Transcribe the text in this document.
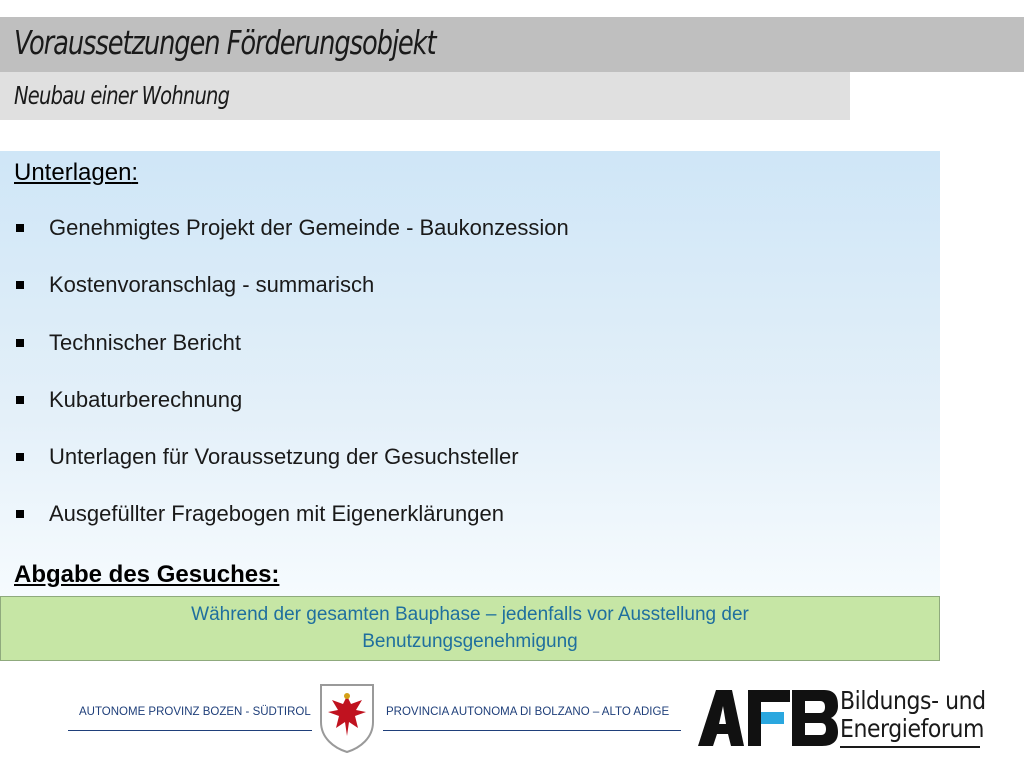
Voraussetzungen Förderungsobjekt
Neubau einer Wohnung
Unterlagen:
Genehmigtes Projekt der Gemeinde - Baukonzession
Kostenvoranschlag - summarisch
Technischer Bericht
Kubaturberechnung
Unterlagen für Voraussetzung der Gesuchsteller
Ausgefüllter Fragebogen mit Eigenerklärungen
Abgabe des Gesuches:
Während der gesamten Bauphase – jedenfalls vor Ausstellung der
Benutzungsgenehmigung
AUTONOME PROVINZ BOZEN - SÜDTIROL	PROVINCIA AUTONOMA DI BOLZANO – ALTO ADIGE	Bildungs- und
Energieforum
